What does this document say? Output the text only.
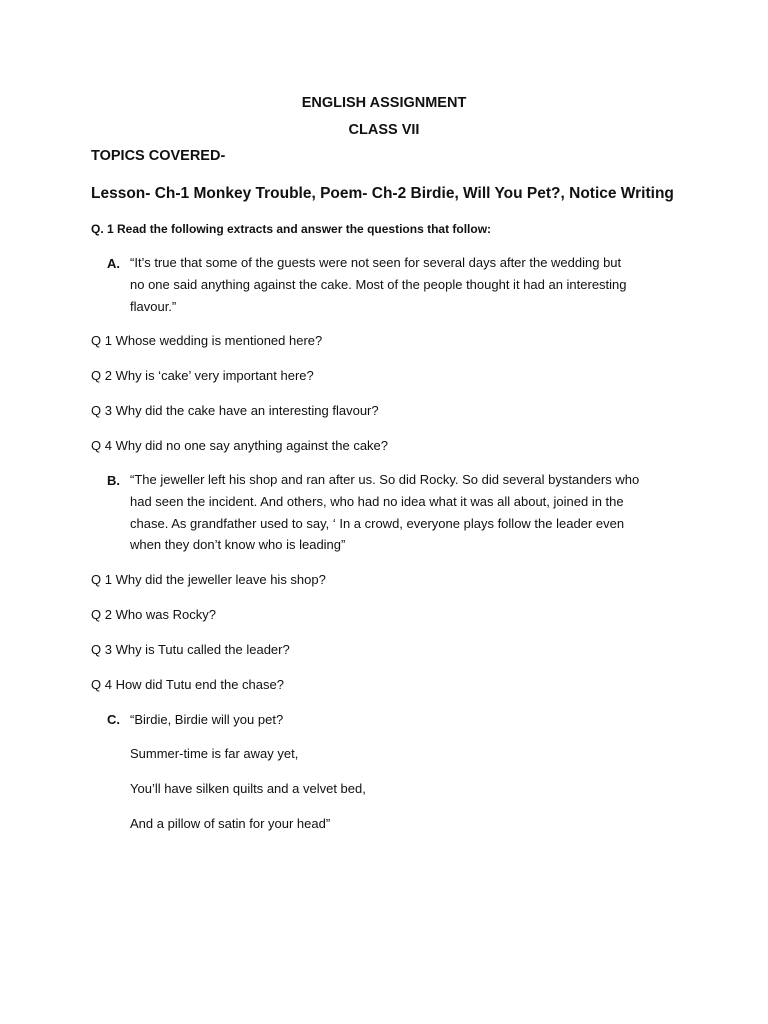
ENGLISH ASSIGNMENT

CLASS VII

TOPICS COVERED-

Lesson- Ch-1 Monkey Trouble, Poem- Ch-2 Birdie, Will You Pet?, Notice Writing

Q. 1 Read the following extracts and answer the questions that follow:

A. “It’s true that some of the guests were not seen for several days after the wedding but

no one said anything against the cake. Most of the people thought it had an interesting

flavour.”

Q 1 Whose wedding is mentioned here?

Q 2 Why is ‘cake’ very important here?

Q 3 Why did the cake have an interesting flavour?

Q 4 Why did no one say anything against the cake?

B. “The jeweller left his shop and ran after us. So did Rocky. So did several bystanders who

had seen the incident. And others, who had no idea what it was all about, joined in the

chase. As grandfather used to say, ‘ In a crowd, everyone plays follow the leader even

when they don’t know who is leading”

Q 1 Why did the jeweller leave his shop?

Q 2 Who was Rocky?

Q 3 Why is Tutu called the leader?

Q 4 How did Tutu end the chase?

C. “Birdie, Birdie will you pet?

Summer-time is far away yet,

You’ll have silken quilts and a velvet bed,

And a pillow of satin for your head”
